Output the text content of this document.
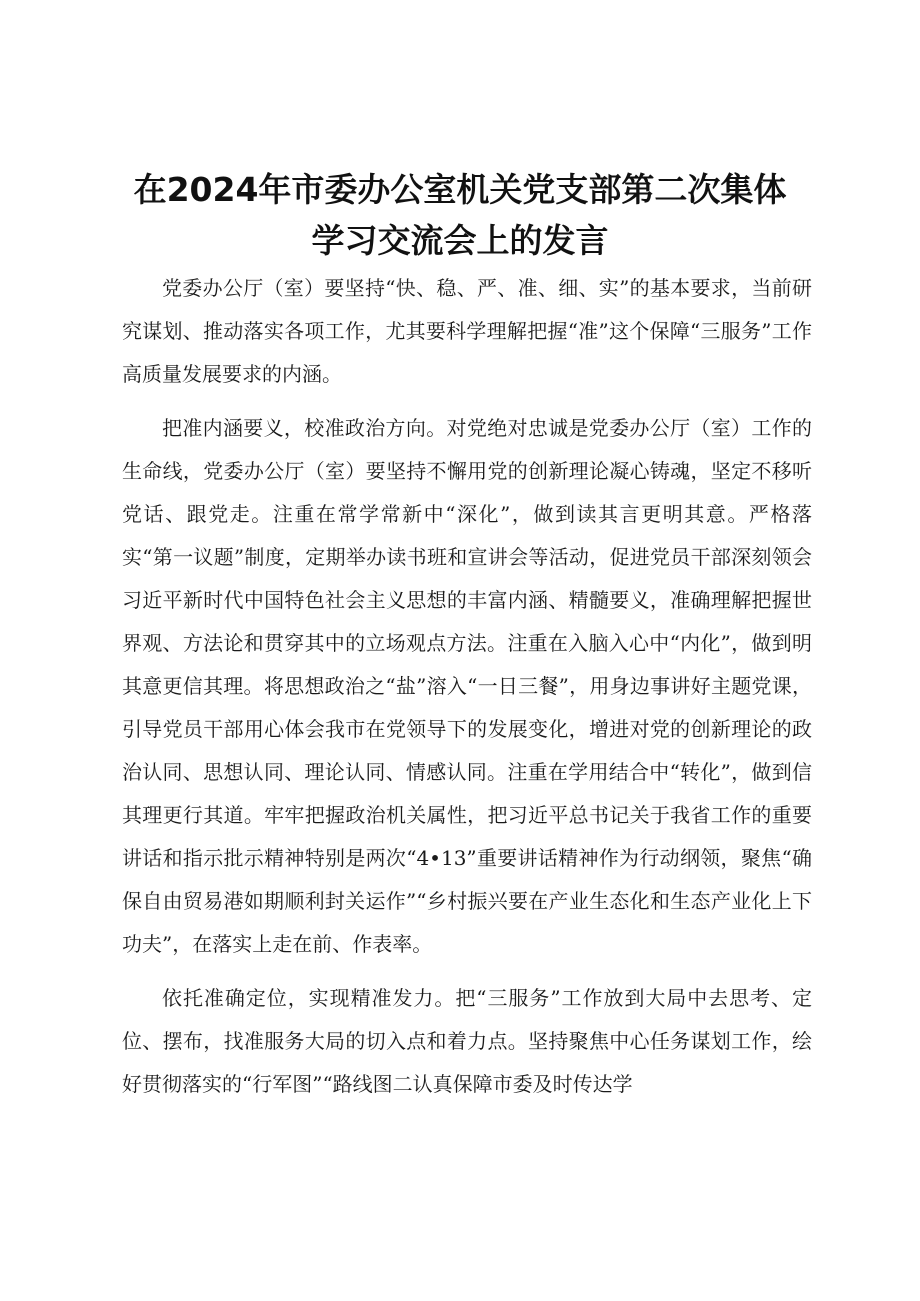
在2024年市委办公室机关党支部第二次集体
学习交流会上的发言

党委办公厅（室）要坚持“快、稳、严、准、细、实”的基本要求，当前研究谋划、推动落实各项工作，尤其要科学理解把握“准”这个保障“三服务”工作高质量发展要求的内涵。

把准内涵要义，校准政治方向。对党绝对忠诚是党委办公厅（室）工作的生命线，党委办公厅（室）要坚持不懈用党的创新理论凝心铸魂，坚定不移听党话、跟党走。注重在常学常新中“深化”，做到读其言更明其意。严格落实“第一议题”制度，定期举办读书班和宣讲会等活动，促进党员干部深刻领会习近平新时代中国特色社会主义思想的丰富内涵、精髓要义，准确理解把握世界观、方法论和贯穿其中的立场观点方法。注重在入脑入心中“内化”，做到明其意更信其理。将思想政治之“盐”溶入“一日三餐”，用身边事讲好主题党课，引导党员干部用心体会我市在党领导下的发展变化，增进对党的创新理论的政治认同、思想认同、理论认同、情感认同。注重在学用结合中“转化”，做到信其理更行其道。牢牢把握政治机关属性，把习近平总书记关于我省工作的重要讲话和指示批示精神特别是两次“4•13”重要讲话精神作为行动纲领，聚焦“确保自由贸易港如期顺利封关运作”“乡村振兴要在产业生态化和生态产业化上下功夫”，在落实上走在前、作表率。

依托准确定位，实现精准发力。把“三服务”工作放到大局中去思考、定位、摆布，找准服务大局的切入点和着力点。坚持聚焦中心任务谋划工作，绘好贯彻落实的“行军图”“路线图二认真保障市委及时传达学
